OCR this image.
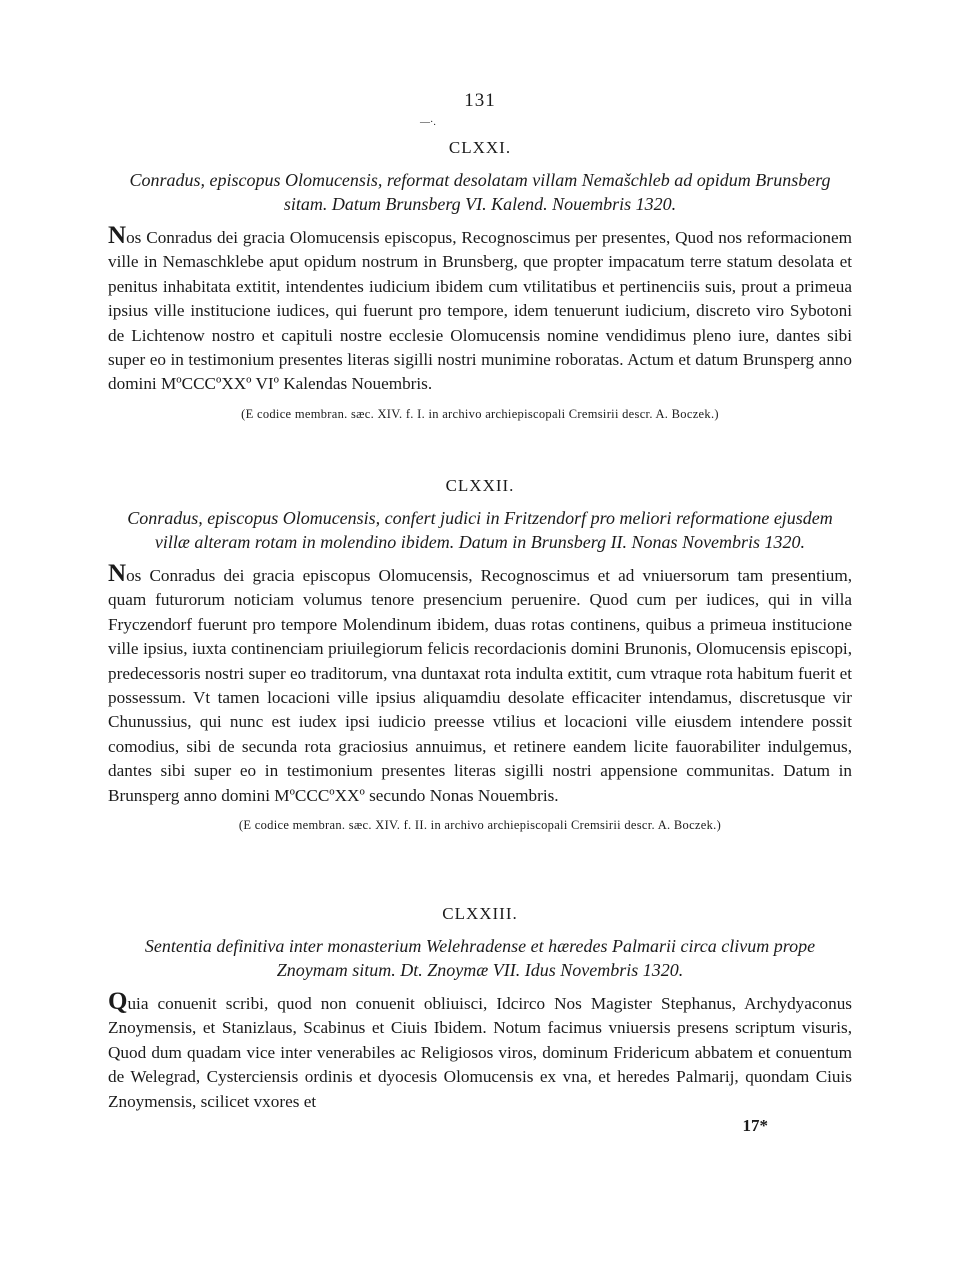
131
—·.
CLXXI.
Conradus, episcopus Olomucensis, reformat desolatam villam Nemašchleb ad opidum Brunsberg sitam. Datum Brunsberg VI. Kalend. Nouembris 1320.

Nos Conradus dei gracia Olomucensis episcopus, Recognoscimus per presentes, Quod nos reformacionem ville in Nemaschklebe aput opidum nostrum in Brunsberg, que propter impacatum terre statum desolata et penitus inhabitata extitit, intendentes iudicium ibidem cum vtilitatibus et pertinenciis suis, prout a primeua ipsius ville institucione iudices, qui fuerunt pro tempore, idem tenuerunt iudicium, discreto viro Sybotoni de Lichtenow nostro et capituli nostre ecclesie Olomucensis nomine vendidimus pleno iure, dantes sibi super eo in testimonium presentes literas sigilli nostri munimine roboratas. Actum et datum Brunsperg anno domini MºCCCºXXº VIº Kalendas Nouembris.

(E codice membran. sæc. XIV. f. I. in archivo archiepiscopali Cremsirii descr. A. Boczek.)
CLXXII.
Conradus, episcopus Olomucensis, confert judici in Fritzendorf pro meliori reformatione ejusdem villæ alteram rotam in molendino ibidem. Datum in Brunsberg II. Nonas Novembris 1320.

Nos Conradus dei gracia episcopus Olomucensis, Recognoscimus et ad vniuersorum tam presentium, quam futurorum noticiam volumus tenore presencium peruenire. Quod cum per iudices, qui in villa Fryczendorf fuerunt pro tempore Molendinum ibidem, duas rotas continens, quibus a primeua institucione ville ipsius, iuxta continenciam priuilegiorum felicis recordacionis domini Brunonis, Olomucensis episcopi, predecessoris nostri super eo traditorum, vna duntaxat rota indulta extitit, cum vtraque rota habitum fuerit et possessum. Vt tamen locacioni ville ipsius aliquamdiu desolate efficaciter intendamus, discretusque vir Chunussius, qui nunc est iudex ipsi iudicio preesse vtilius et locacioni ville eiusdem intendere possit comodius, sibi de secunda rota graciosius annuimus, et retinere eandem licite fauorabiliter indulgemus, dantes sibi super eo in testimonium presentes literas sigilli nostri appensione communitas. Datum in Brunsperg anno domini MºCCCºXXº secundo Nonas Nouembris.

(E codice membran. sæc. XIV. f. II. in archivo archiepiscopali Cremsirii descr. A. Boczek.)
CLXXIII.
Sententia definitiva inter monasterium Welehradense et hæredes Palmarii circa clivum prope Znoymam situm. Dt. Znoymæ VII. Idus Novembris 1320.

Quia conuenit scribi, quod non conuenit obliuisci, Idcirco Nos Magister Stephanus, Archydyaconus Znoymensis, et Stanizlaus, Scabinus et Ciuis Ibidem. Notum facimus vniuersis presens scriptum visuris, Quod dum quadam vice inter venerabiles ac Religiosos viros, dominum Fridericum abbatem et conuentum de Welegrad, Cysterciensis ordinis et dyocesis Olomucensis ex vna, et heredes Palmarij, quondam Ciuis Znoymensis, scilicet vxores et

17*
